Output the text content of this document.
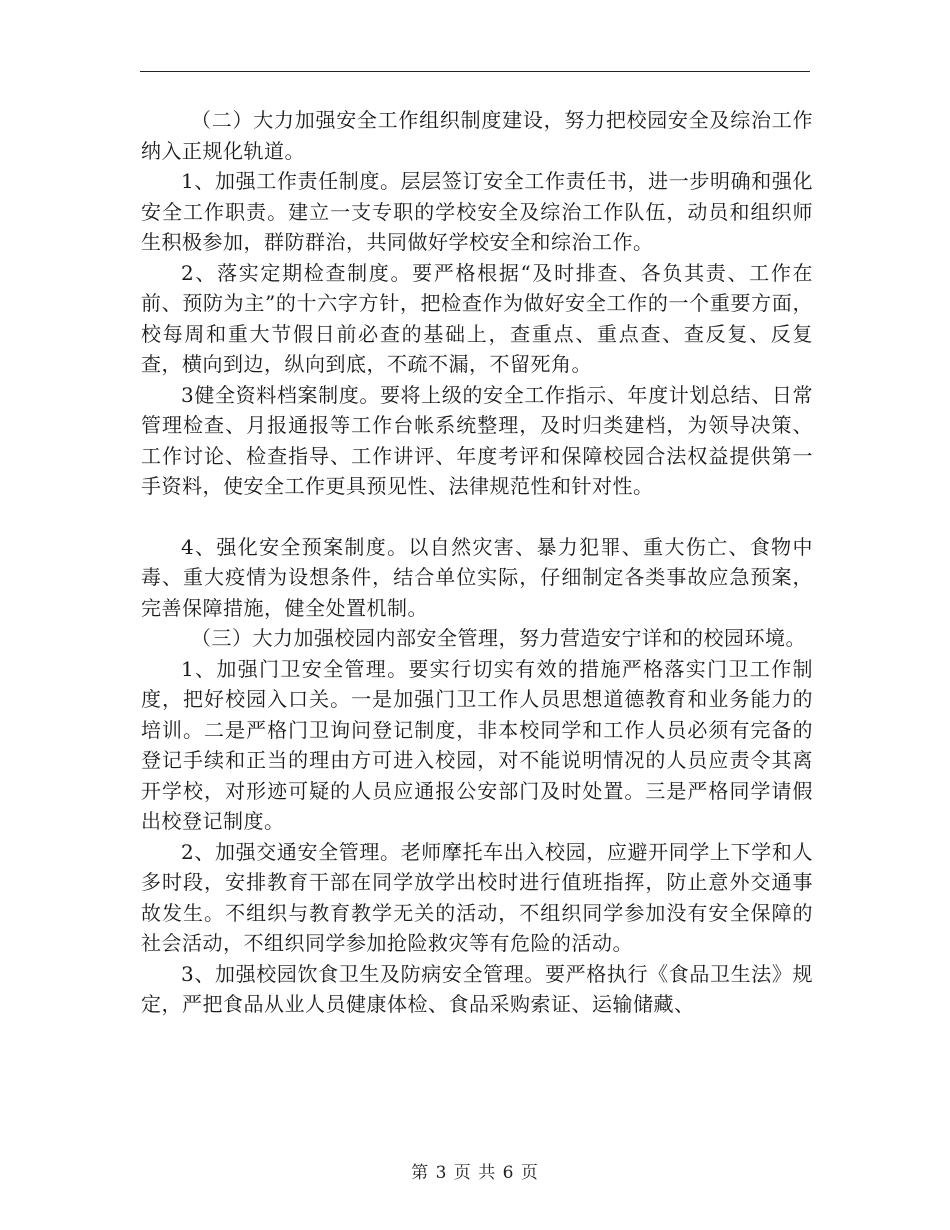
（二）大力加强安全工作组织制度建设，努力把校园安全及综治工作纳入正规化轨道。

1、加强工作责任制度。层层签订安全工作责任书，进一步明确和强化安全工作职责。建立一支专职的学校安全及综治工作队伍，动员和组织师生积极参加，群防群治，共同做好学校安全和综治工作。

2、落实定期检查制度。要严格根据“及时排查、各负其责、工作在前、预防为主”的十六字方针，把检查作为做好安全工作的一个重要方面，校每周和重大节假日前必查的基础上，查重点、重点查、查反复、反复查，横向到边，纵向到底，不疏不漏，不留死角。

3健全资料档案制度。要将上级的安全工作指示、年度计划总结、日常管理检查、月报通报等工作台帐系统整理，及时归类建档，为领导决策、工作讨论、检查指导、工作讲评、年度考评和保障校园合法权益提供第一手资料，使安全工作更具预见性、法律规范性和针对性。

4、强化安全预案制度。以自然灾害、暴力犯罪、重大伤亡、食物中毒、重大疫情为设想条件，结合单位实际，仔细制定各类事故应急预案，完善保障措施，健全处置机制。

（三）大力加强校园内部安全管理，努力营造安宁详和的校园环境。

1、加强门卫安全管理。要实行切实有效的措施严格落实门卫工作制度，把好校园入口关。一是加强门卫工作人员思想道德教育和业务能力的培训。二是严格门卫询问登记制度，非本校同学和工作人员必须有完备的登记手续和正当的理由方可进入校园，对不能说明情况的人员应责令其离开学校，对形迹可疑的人员应通报公安部门及时处置。三是严格同学请假出校登记制度。

2、加强交通安全管理。老师摩托车出入校园，应避开同学上下学和人多时段，安排教育干部在同学放学出校时进行值班指挥，防止意外交通事故发生。不组织与教育教学无关的活动，不组织同学参加没有安全保障的社会活动，不组织同学参加抢险救灾等有危险的活动。

3、加强校园饮食卫生及防病安全管理。要严格执行《食品卫生法》规定，严把食品从业人员健康体检、食品采购索证、运输储藏、

第 3 页 共 6 页
